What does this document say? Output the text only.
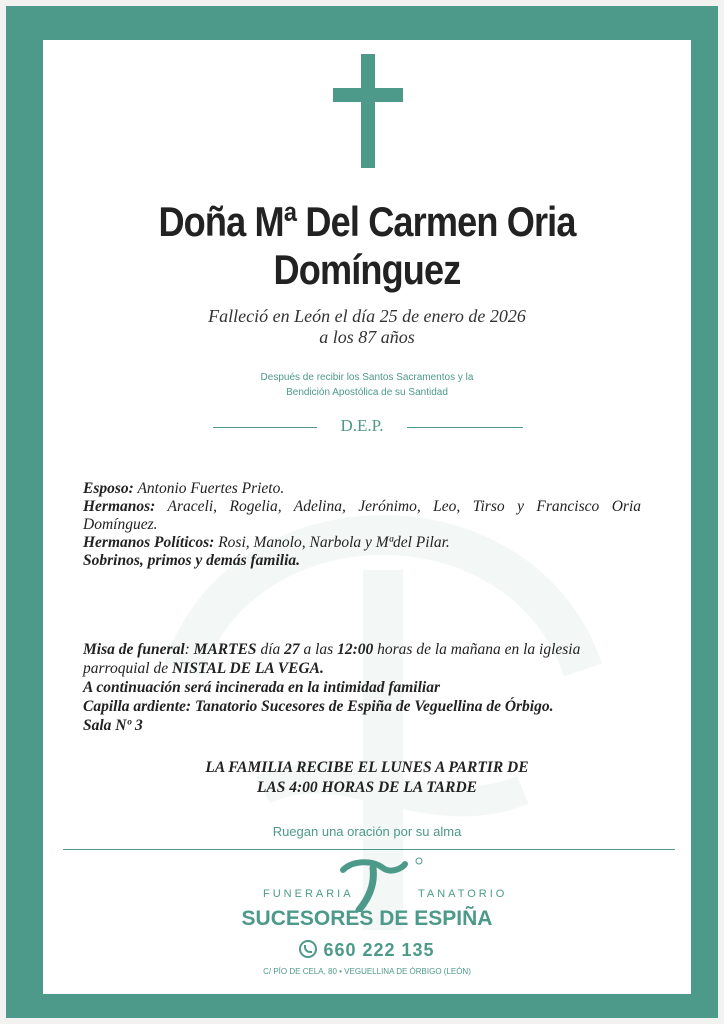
Doña Mª Del Carmen Oria Domínguez
Falleció en León el día 25 de enero de 2026
a los 87 años
Después de recibir los Santos Sacramentos y la
Bendición Apostólica de su Santidad
D.E.P.

Esposo: Antonio Fuertes Prieto.

Hermanos: Araceli, Rogelia, Adelina, Jerónimo, Leo, Tirso y Francisco Oria Domínguez.

Hermanos Políticos: Rosi, Manolo, Narbola y Mªdel Pilar.

Sobrinos, primos y demás familia.

Misa de funeral: MARTES día 27 a las 12:00 horas de la mañana en la iglesia parroquial de NISTAL DE LA VEGA.

A continuación será incinerada en la intimidad familiar

Capilla ardiente: Tanatorio Sucesores de Espiña de Veguellina de Órbigo.

Sala Nº 3

LA FAMILIA RECIBE EL LUNES A PARTIR DE
LAS 4:00 HORAS DE LA TARDE
Ruegan una oración por su alma
FUNERARIA	TANATORIO
SUCESORES DE ESPIÑA
660 222 135
C/ PÍO DE CELA, 80 • VEGUELLINA DE ÓRBIGO (LEÓN)
